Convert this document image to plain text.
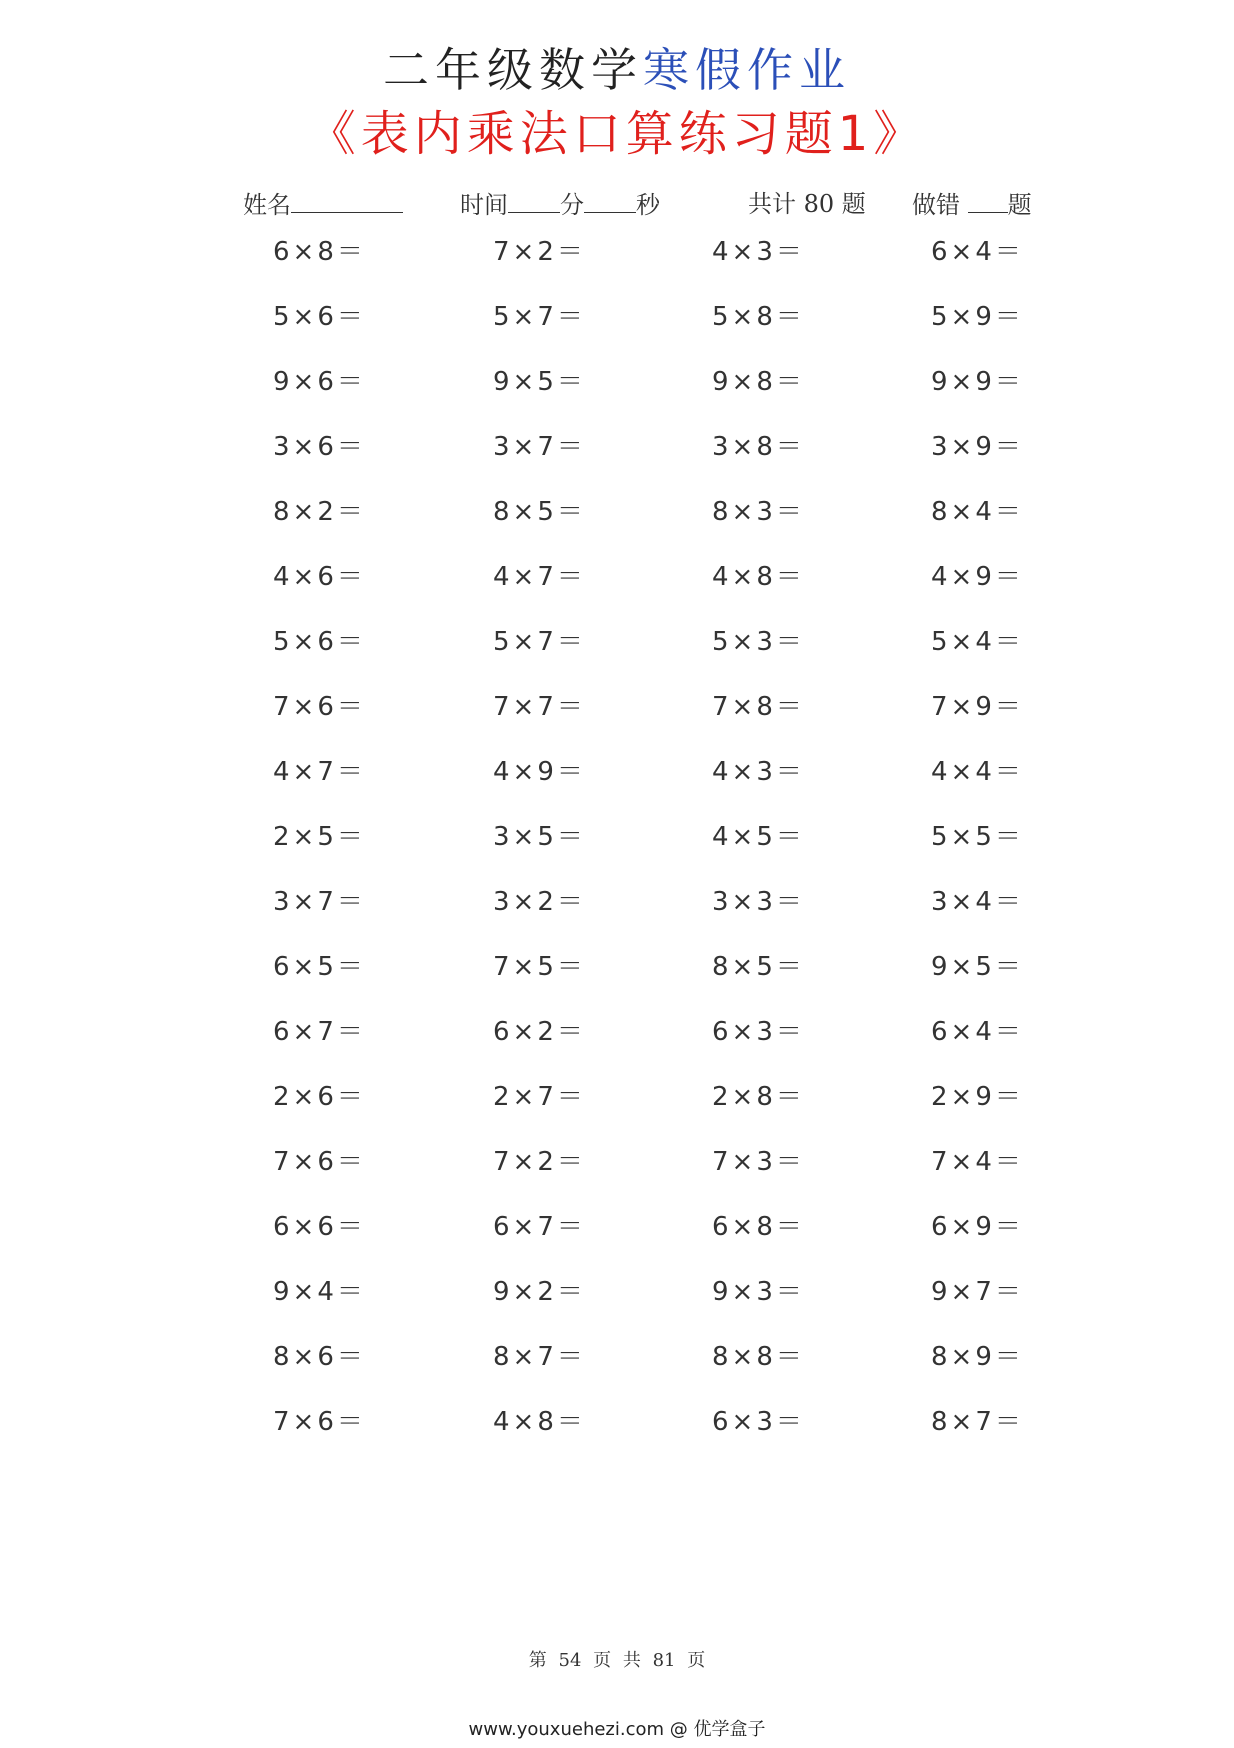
二年级数学寒假作业
《表内乘法口算练习题1》
姓名	时间 分 秒	共计 80 题 做错 题
6×8＝	7×2＝	4×3＝	6×4＝
5×6＝	5×7＝	5×8＝	5×9＝
9×6＝	9×5＝	9×8＝	9×9＝
3×6＝	3×7＝	3×8＝	3×9＝
8×2＝	8×5＝	8×3＝	8×4＝
4×6＝	4×7＝	4×8＝	4×9＝
5×6＝	5×7＝	5×3＝	5×4＝
7×6＝	7×7＝	7×8＝	7×9＝
4×7＝	4×9＝	4×3＝	4×4＝
2×5＝	3×5＝	4×5＝	5×5＝
3×7＝	3×2＝	3×3＝	3×4＝
6×5＝	7×5＝	8×5＝	9×5＝
6×7＝	6×2＝	6×3＝	6×4＝
2×6＝	2×7＝	2×8＝	2×9＝
7×6＝	7×2＝	7×3＝	7×4＝
6×6＝	6×7＝	6×8＝	6×9＝
9×4＝	9×2＝	9×3＝	9×7＝
8×6＝	8×7＝	8×8＝	8×9＝
7×6＝	4×8＝	6×3＝	8×7＝
第 54 页 共 81 页
www.youxuehezi.com @ 优学盒子
